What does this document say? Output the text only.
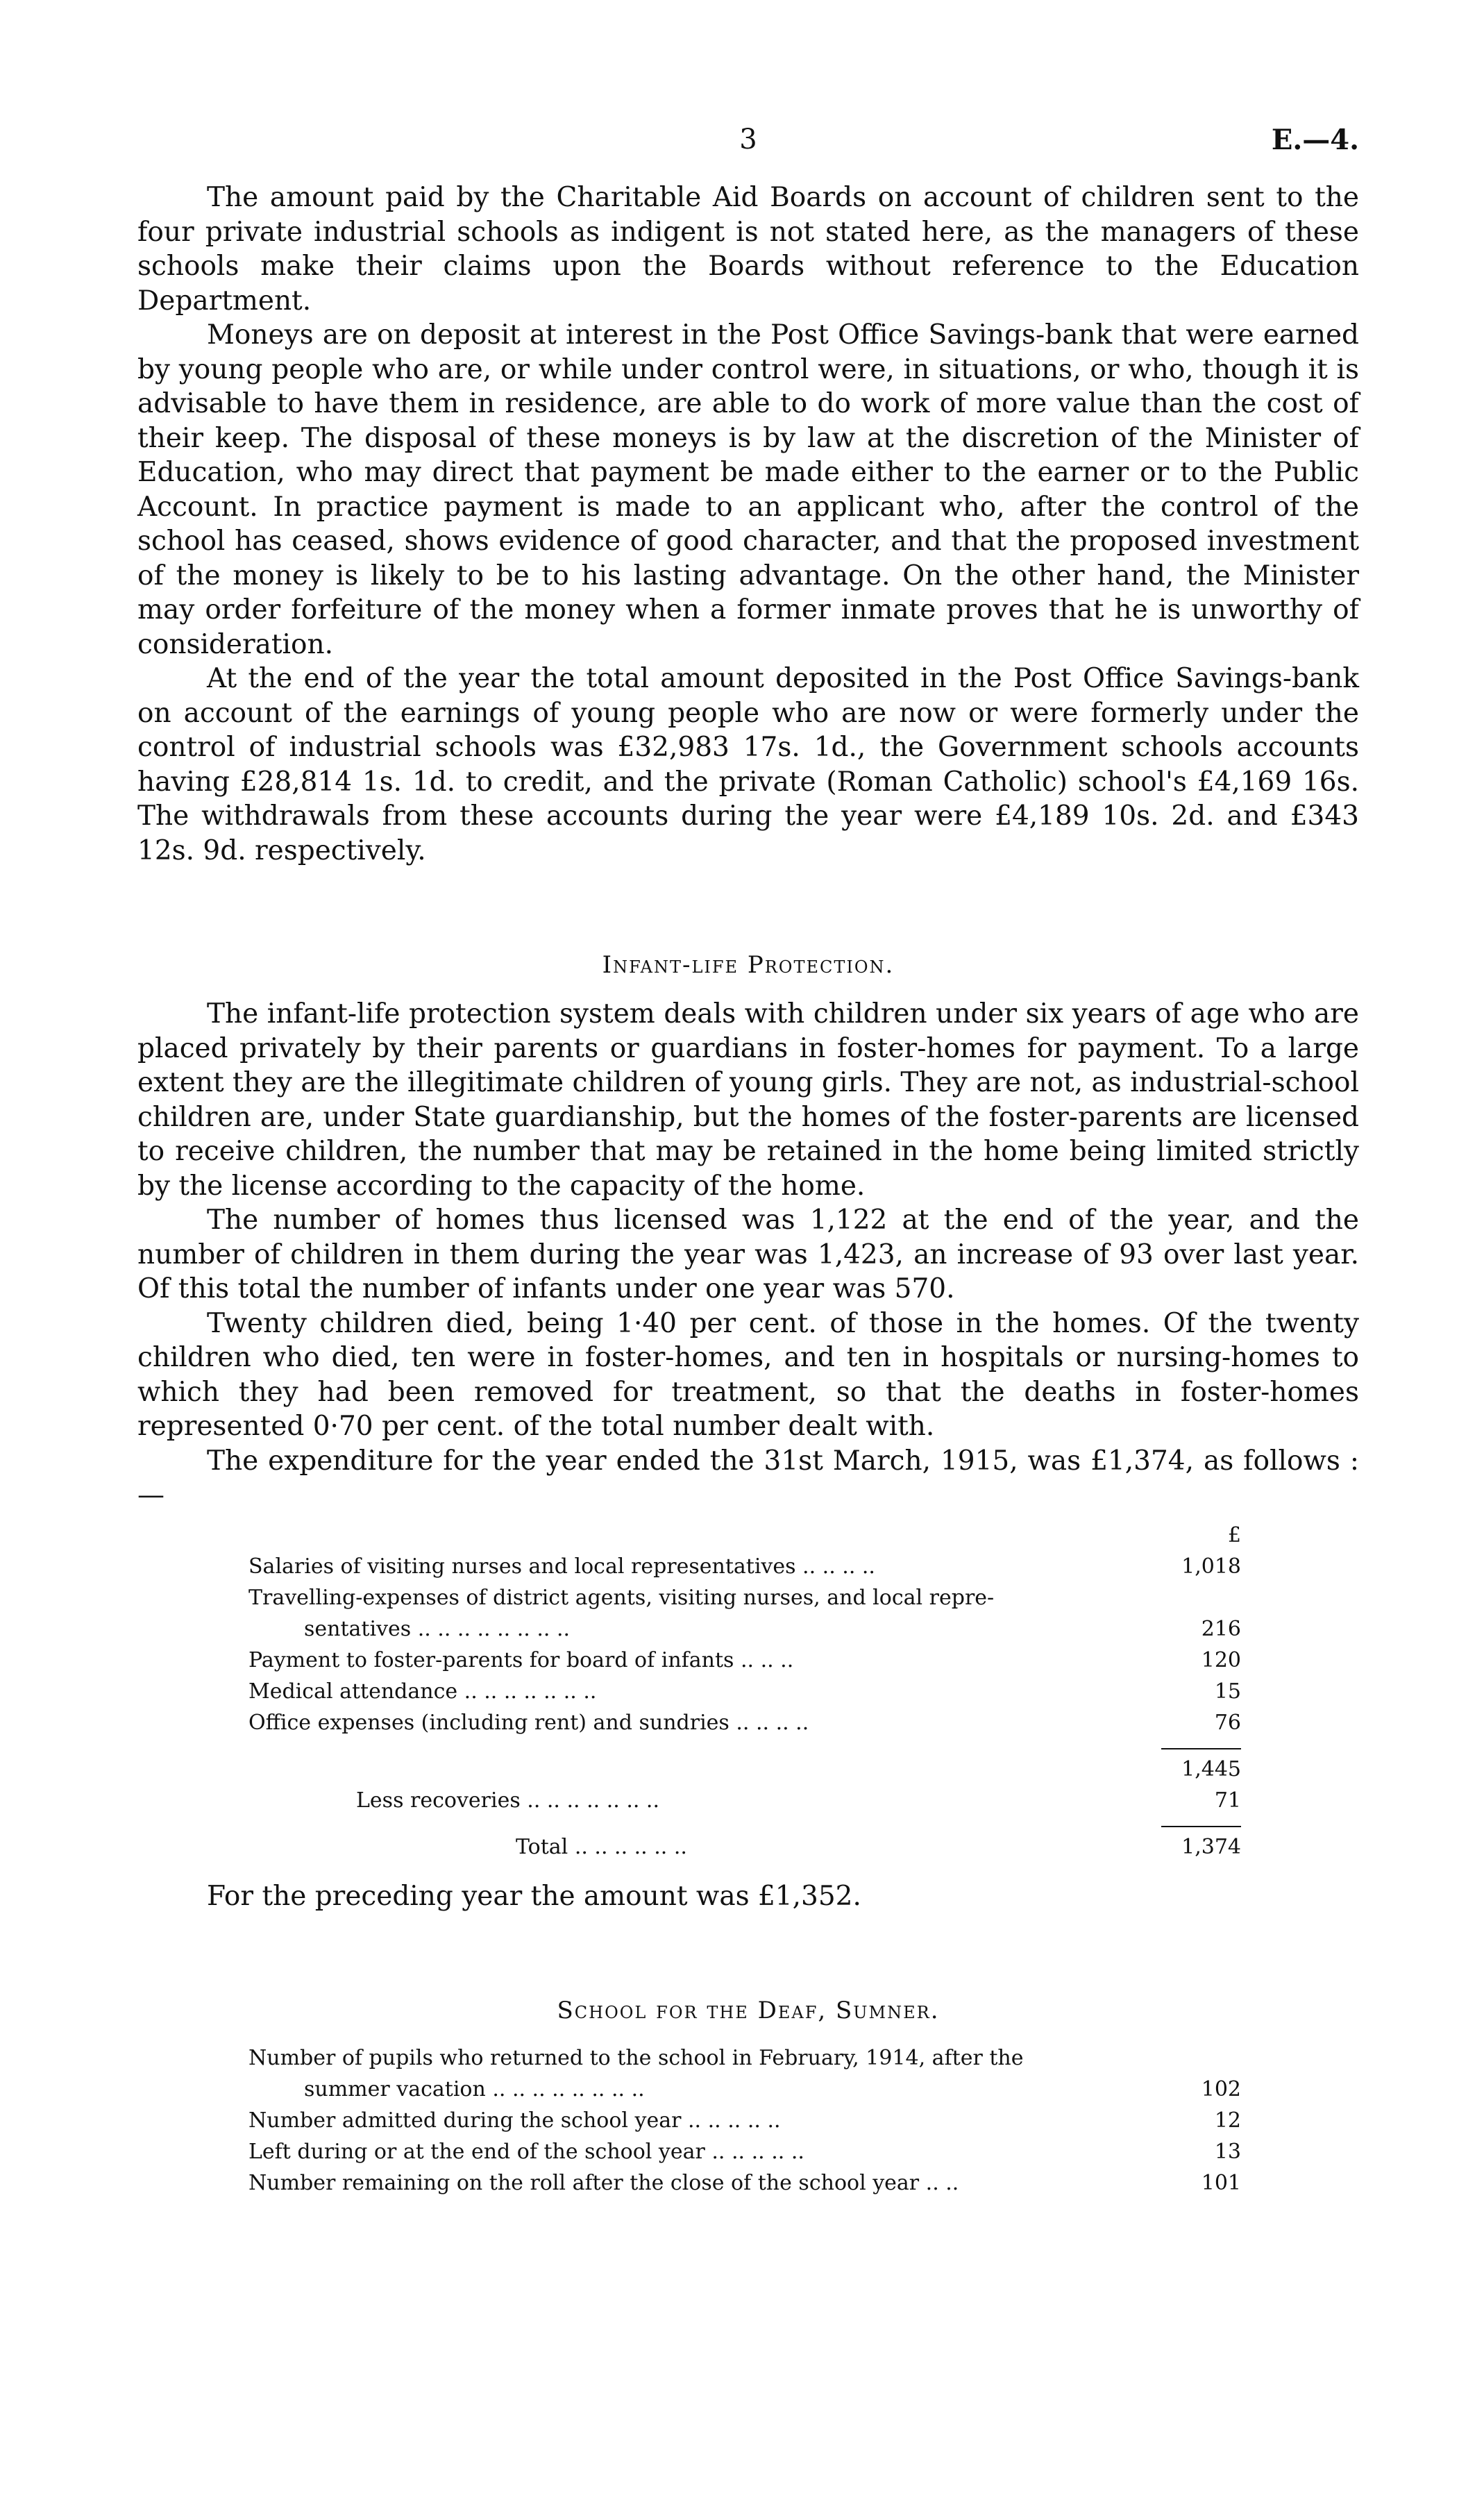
3	E.—4.

The amount paid by the Charitable Aid Boards on account of children sent to the four private industrial schools as indigent is not stated here, as the managers of these schools make their claims upon the Boards without reference to the Education Department.

Moneys are on deposit at interest in the Post Office Savings-bank that were earned by young people who are, or while under control were, in situations, or who, though it is advisable to have them in residence, are able to do work of more value than the cost of their keep. The disposal of these moneys is by law at the discretion of the Minister of Education, who may direct that payment be made either to the earner or to the Public Account. In practice payment is made to an applicant who, after the control of the school has ceased, shows evidence of good character, and that the proposed investment of the money is likely to be to his lasting advantage. On the other hand, the Minister may order forfeiture of the money when a former inmate proves that he is unworthy of consideration.

At the end of the year the total amount deposited in the Post Office Savings-bank on account of the earnings of young people who are now or were formerly under the control of industrial schools was £32,983 17s. 1d., the Government schools accounts having £28,814 1s. 1d. to credit, and the private (Roman Catholic) school's £4,169 16s. The withdrawals from these accounts during the year were £4,189 10s. 2d. and £343 12s. 9d. respectively.

Infant-life Protection.

The infant-life protection system deals with children under six years of age who are placed privately by their parents or guardians in foster-homes for payment. To a large extent they are the illegitimate children of young girls. They are not, as industrial-school children are, under State guardianship, but the homes of the foster-parents are licensed to receive children, the number that may be retained in the home being limited strictly by the license according to the capacity of the home.

The number of homes thus licensed was 1,122 at the end of the year, and the number of children in them during the year was 1,423, an increase of 93 over last year. Of this total the number of infants under one year was 570.

Twenty children died, being 1·40 per cent. of those in the homes. Of the twenty children who died, ten were in foster-homes, and ten in hospitals or nursing-homes to which they had been removed for treatment, so that the deaths in foster-homes represented 0·70 per cent. of the total number dealt with.

The expenditure for the year ended the 31st March, 1915, was £1,374, as follows :—

£
Salaries of visiting nurses and local representatives .. .. .. ..	1,018
Travelling-expenses of district agents, visiting nurses, and local repre-
sentatives .. .. .. .. .. .. .. ..	216
Payment to foster-parents for board of infants .. .. ..	120
Medical attendance .. .. .. .. .. .. ..	15
Office expenses (including rent) and sundries .. .. .. ..	76
1,445
Less recoveries .. .. .. .. .. .. ..	71
Total .. .. .. .. .. ..	1,374

For the preceding year the amount was £1,352.

School for the Deaf, Sumner.
Number of pupils who returned to the school in February, 1914, after the
summer vacation .. .. .. .. .. .. .. ..	102
Number admitted during the school year .. .. .. .. ..	12
Left during or at the end of the school year .. .. .. .. ..	13
Number remaining on the roll after the close of the school year .. ..	101
